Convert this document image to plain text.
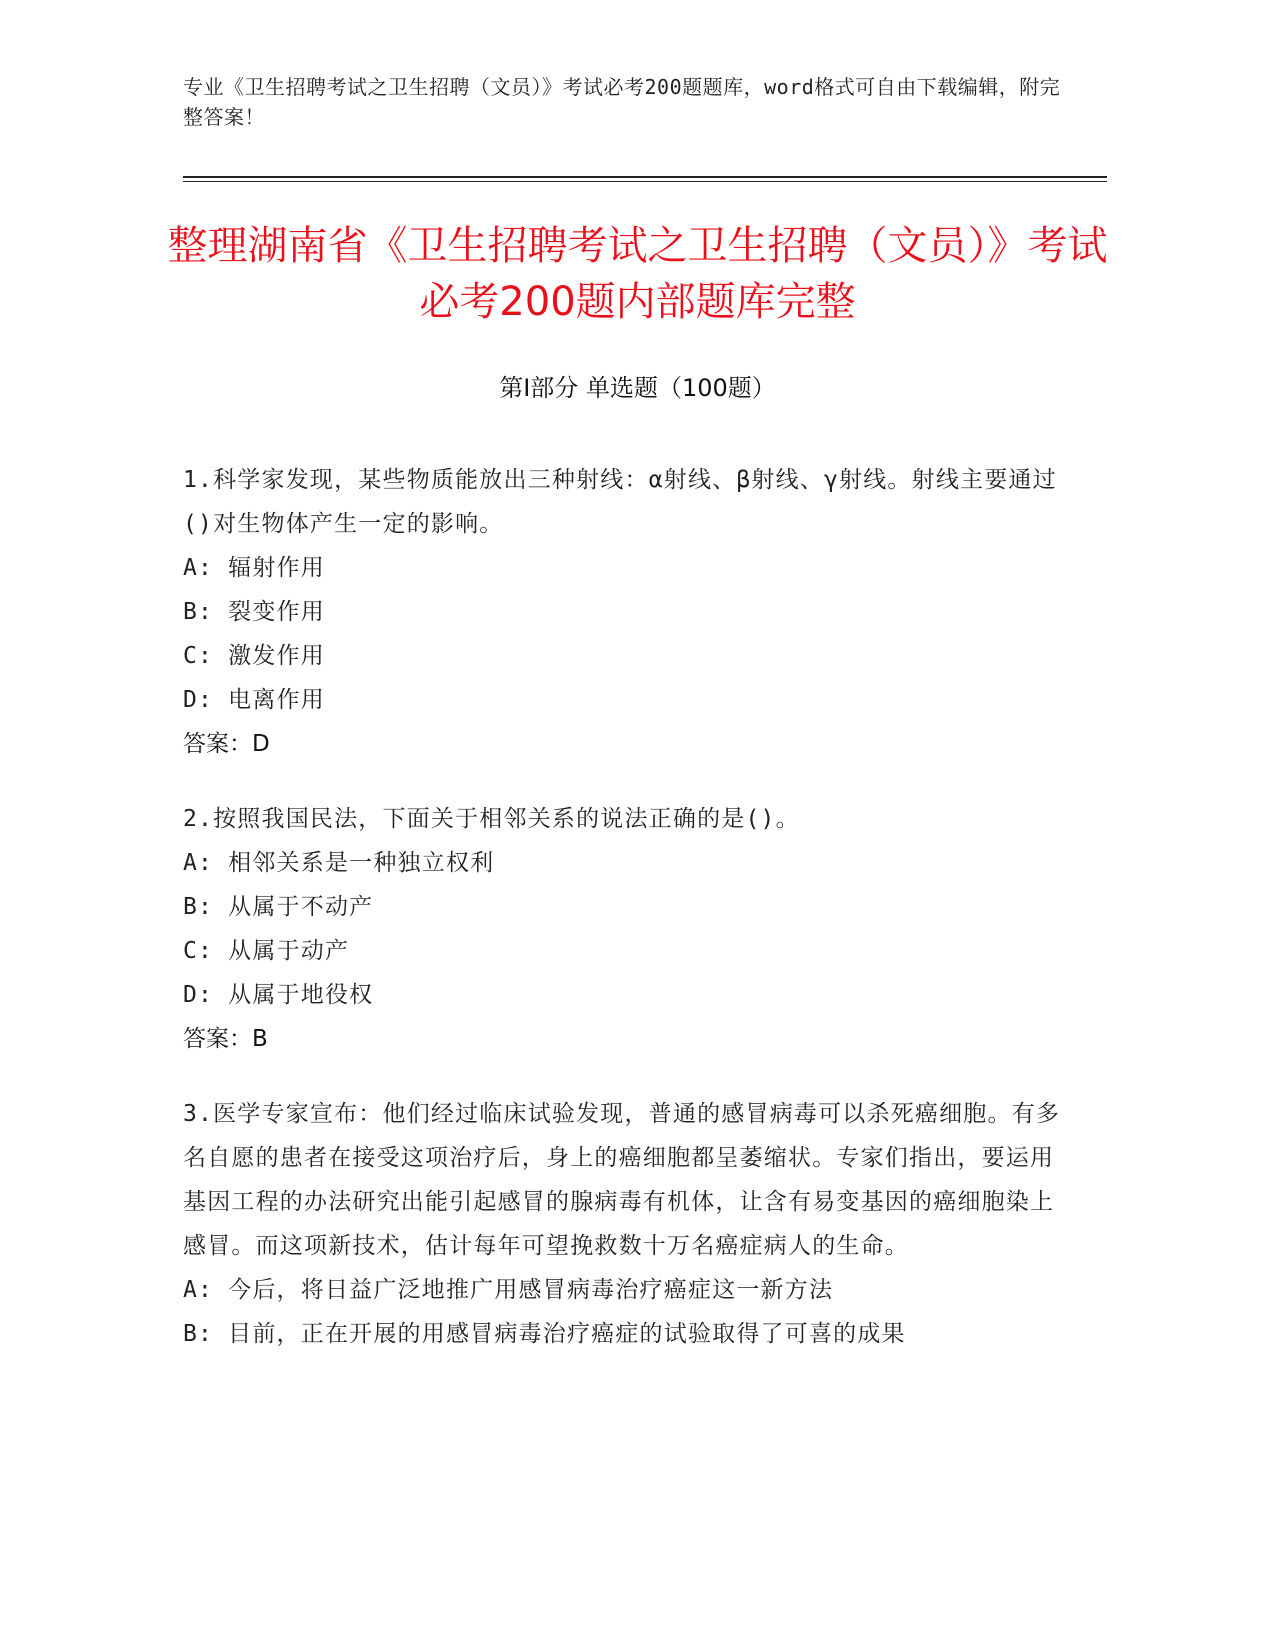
专业《卫生招聘考试之卫生招聘（文员）》考试必考200题题库，word格式可自由下载编辑，附完整答案！
整理湖南省《卫生招聘考试之卫生招聘（文员）》考试必考200题内部题库完整
第Ⅰ部分 单选题（100题）
1.科学家发现，某些物质能放出三种射线：α射线、β射线、γ射线。射线主要通过()对生物体产生一定的影响。
A: 辐射作用
B: 裂变作用
C: 激发作用
D: 电离作用
答案：D
2.按照我国民法，下面关于相邻关系的说法正确的是()。
A: 相邻关系是一种独立权利
B: 从属于不动产
C: 从属于动产
D: 从属于地役权
答案：B
3.医学专家宣布：他们经过临床试验发现，普通的感冒病毒可以杀死癌细胞。有多名自愿的患者在接受这项治疗后，身上的癌细胞都呈萎缩状。专家们指出，要运用基因工程的办法研究出能引起感冒的腺病毒有机体，让含有易变基因的癌细胞染上感冒。而这项新技术，估计每年可望挽救数十万名癌症病人的生命。
A: 今后，将日益广泛地推广用感冒病毒治疗癌症这一新方法
B: 目前，正在开展的用感冒病毒治疗癌症的试验取得了可喜的成果
